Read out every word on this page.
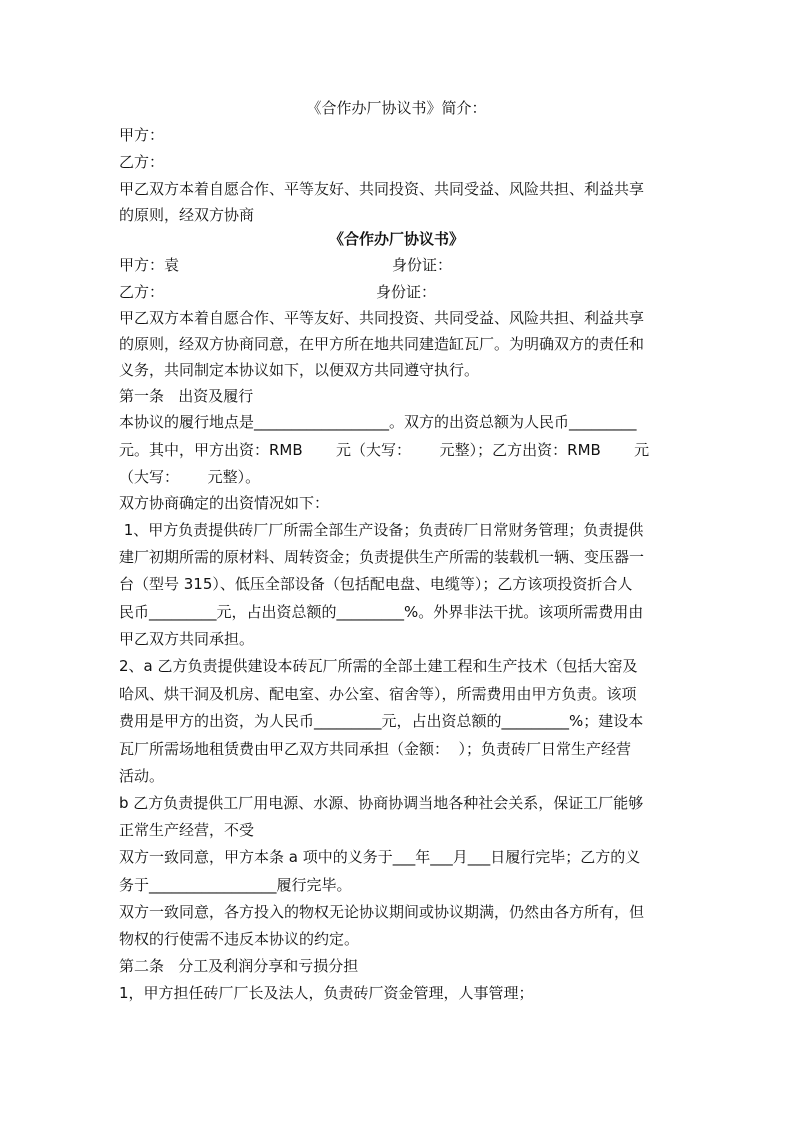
《合作办厂协议书》简介：
甲方：
乙方：
甲乙双方本着自愿合作、平等友好、共同投资、共同受益、风险共担、利益共享
的原则，经双方协商
《合作办厂协议书》
甲方：袁	身份证：
乙方：	身份证：
甲乙双方本着自愿合作、平等友好、共同投资、共同受益、风险共担、利益共享
的原则，经双方协商同意，在甲方所在地共同建造缸瓦厂。为明确双方的责任和
义务，共同制定本协议如下，以便双方共同遵守执行。
第一条   出资及履行
本协议的履行地点是__________________。双方的出资总额为人民币_________
元。其中，甲方出资：RMB       元（大写：      元整）；乙方出资：RMB       元
（大写：      元整）。
双方协商确定的出资情况如下：
1、甲方负责提供砖厂厂所需全部生产设备；负责砖厂日常财务管理；负责提供
建厂初期所需的原材料、周转资金；负责提供生产所需的装载机一辆、变压器一
台（型号 315）、低压全部设备（包括配电盘、电缆等）；乙方该项投资折合人
民币_________元，占出资总额的_________%。外界非法干扰。该项所需费用由
甲乙双方共同承担。
2、a 乙方负责提供建设本砖瓦厂所需的全部土建工程和生产技术（包括大窑及
哈风、烘干洞及机房、配电室、办公室、宿舍等），所需费用由甲方负责。该项
费用是甲方的出资，为人民币_________元，占出资总额的_________%；建设本
瓦厂所需场地租赁费由甲乙双方共同承担（金额：  ）；负责砖厂日常生产经营
活动。
b 乙方负责提供工厂用电源、水源、协商协调当地各种社会关系，保证工厂能够
正常生产经营，不受
双方一致同意，甲方本条 a 项中的义务于___年___月___日履行完毕；乙方的义
务于_________________履行完毕。
双方一致同意，各方投入的物权无论协议期间或协议期满，仍然由各方所有，但
物权的行使需不违反本协议的约定。
第二条   分工及利润分享和亏损分担
1，甲方担任砖厂厂长及法人，负责砖厂资金管理，人事管理；
